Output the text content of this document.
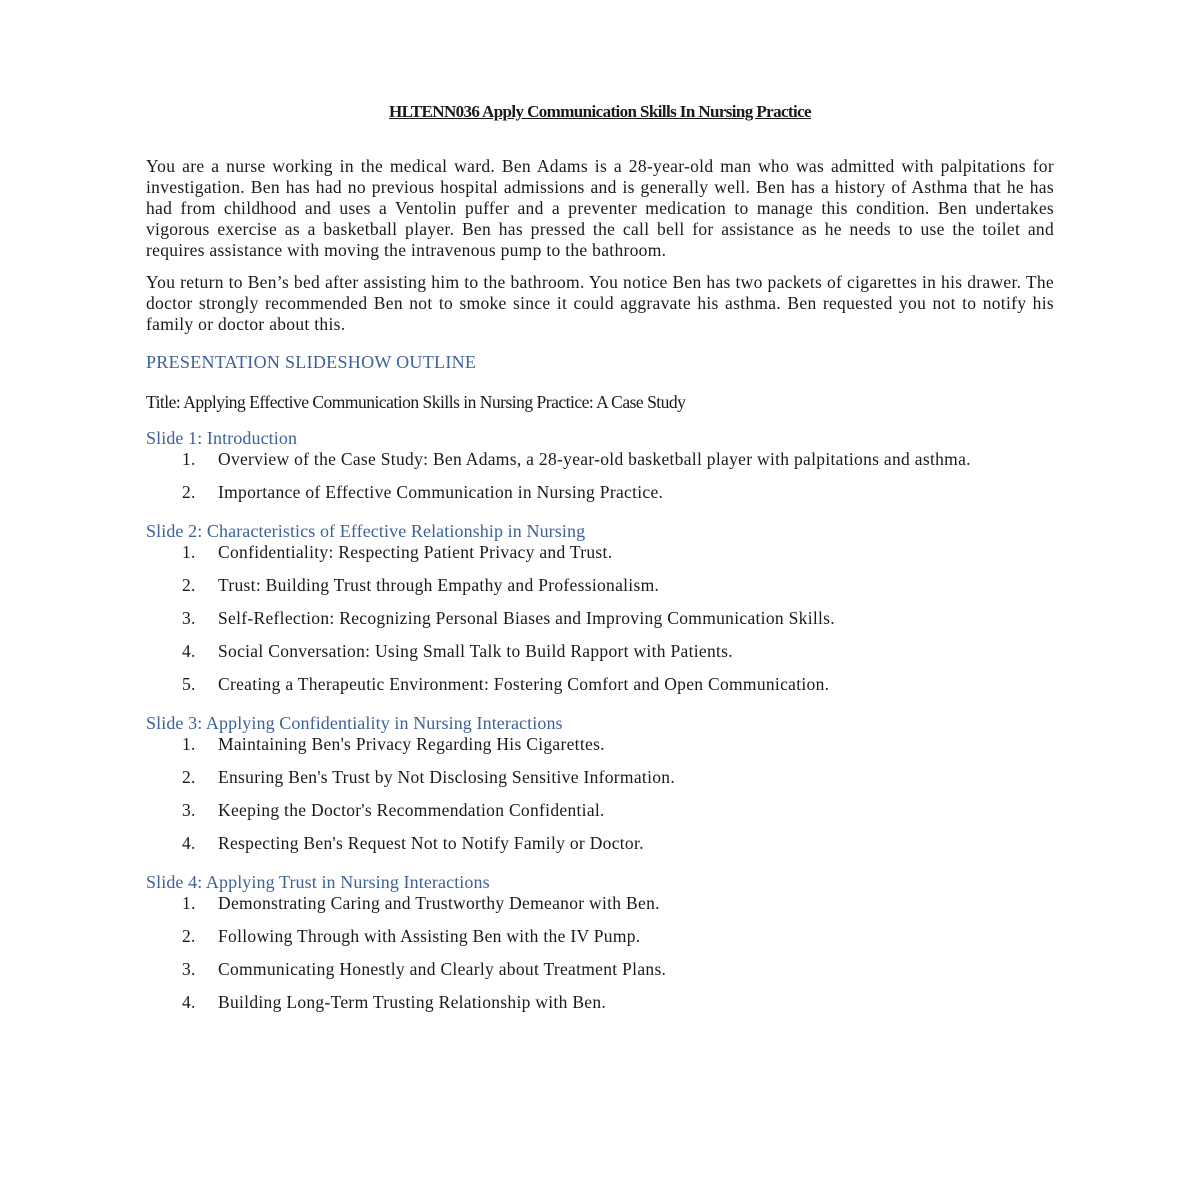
HLTENN036 Apply Communication Skills In Nursing Practice

You are a nurse working in the medical ward. Ben Adams is a 28-year-old man who was admitted with palpitations for investigation. Ben has had no previous hospital admissions and is generally well. Ben has a history of Asthma that he has had from childhood and uses a Ventolin puffer and a preventer medication to manage this condition. Ben undertakes vigorous exercise as a basketball player. Ben has pressed the call bell for assistance as he needs to use the toilet and requires assistance with moving the intravenous pump to the bathroom.

You return to Ben’s bed after assisting him to the bathroom. You notice Ben has two packets of cigarettes in his drawer. The doctor strongly recommended Ben not to smoke since it could aggravate his asthma. Ben requested you not to notify his family or doctor about this.

PRESENTATION SLIDESHOW OUTLINE
Title: Applying Effective Communication Skills in Nursing Practice: A Case Study
Slide 1: Introduction
1. Overview of the Case Study: Ben Adams, a 28-year-old basketball player with palpitations and asthma.
2. Importance of Effective Communication in Nursing Practice.
Slide 2: Characteristics of Effective Relationship in Nursing
1. Confidentiality: Respecting Patient Privacy and Trust.
2. Trust: Building Trust through Empathy and Professionalism.
3. Self-Reflection: Recognizing Personal Biases and Improving Communication Skills.
4. Social Conversation: Using Small Talk to Build Rapport with Patients.
5. Creating a Therapeutic Environment: Fostering Comfort and Open Communication.
Slide 3: Applying Confidentiality in Nursing Interactions
1. Maintaining Ben's Privacy Regarding His Cigarettes.
2. Ensuring Ben's Trust by Not Disclosing Sensitive Information.
3. Keeping the Doctor's Recommendation Confidential.
4. Respecting Ben's Request Not to Notify Family or Doctor.
Slide 4: Applying Trust in Nursing Interactions
1. Demonstrating Caring and Trustworthy Demeanor with Ben.
2. Following Through with Assisting Ben with the IV Pump.
3. Communicating Honestly and Clearly about Treatment Plans.
4. Building Long-Term Trusting Relationship with Ben.
